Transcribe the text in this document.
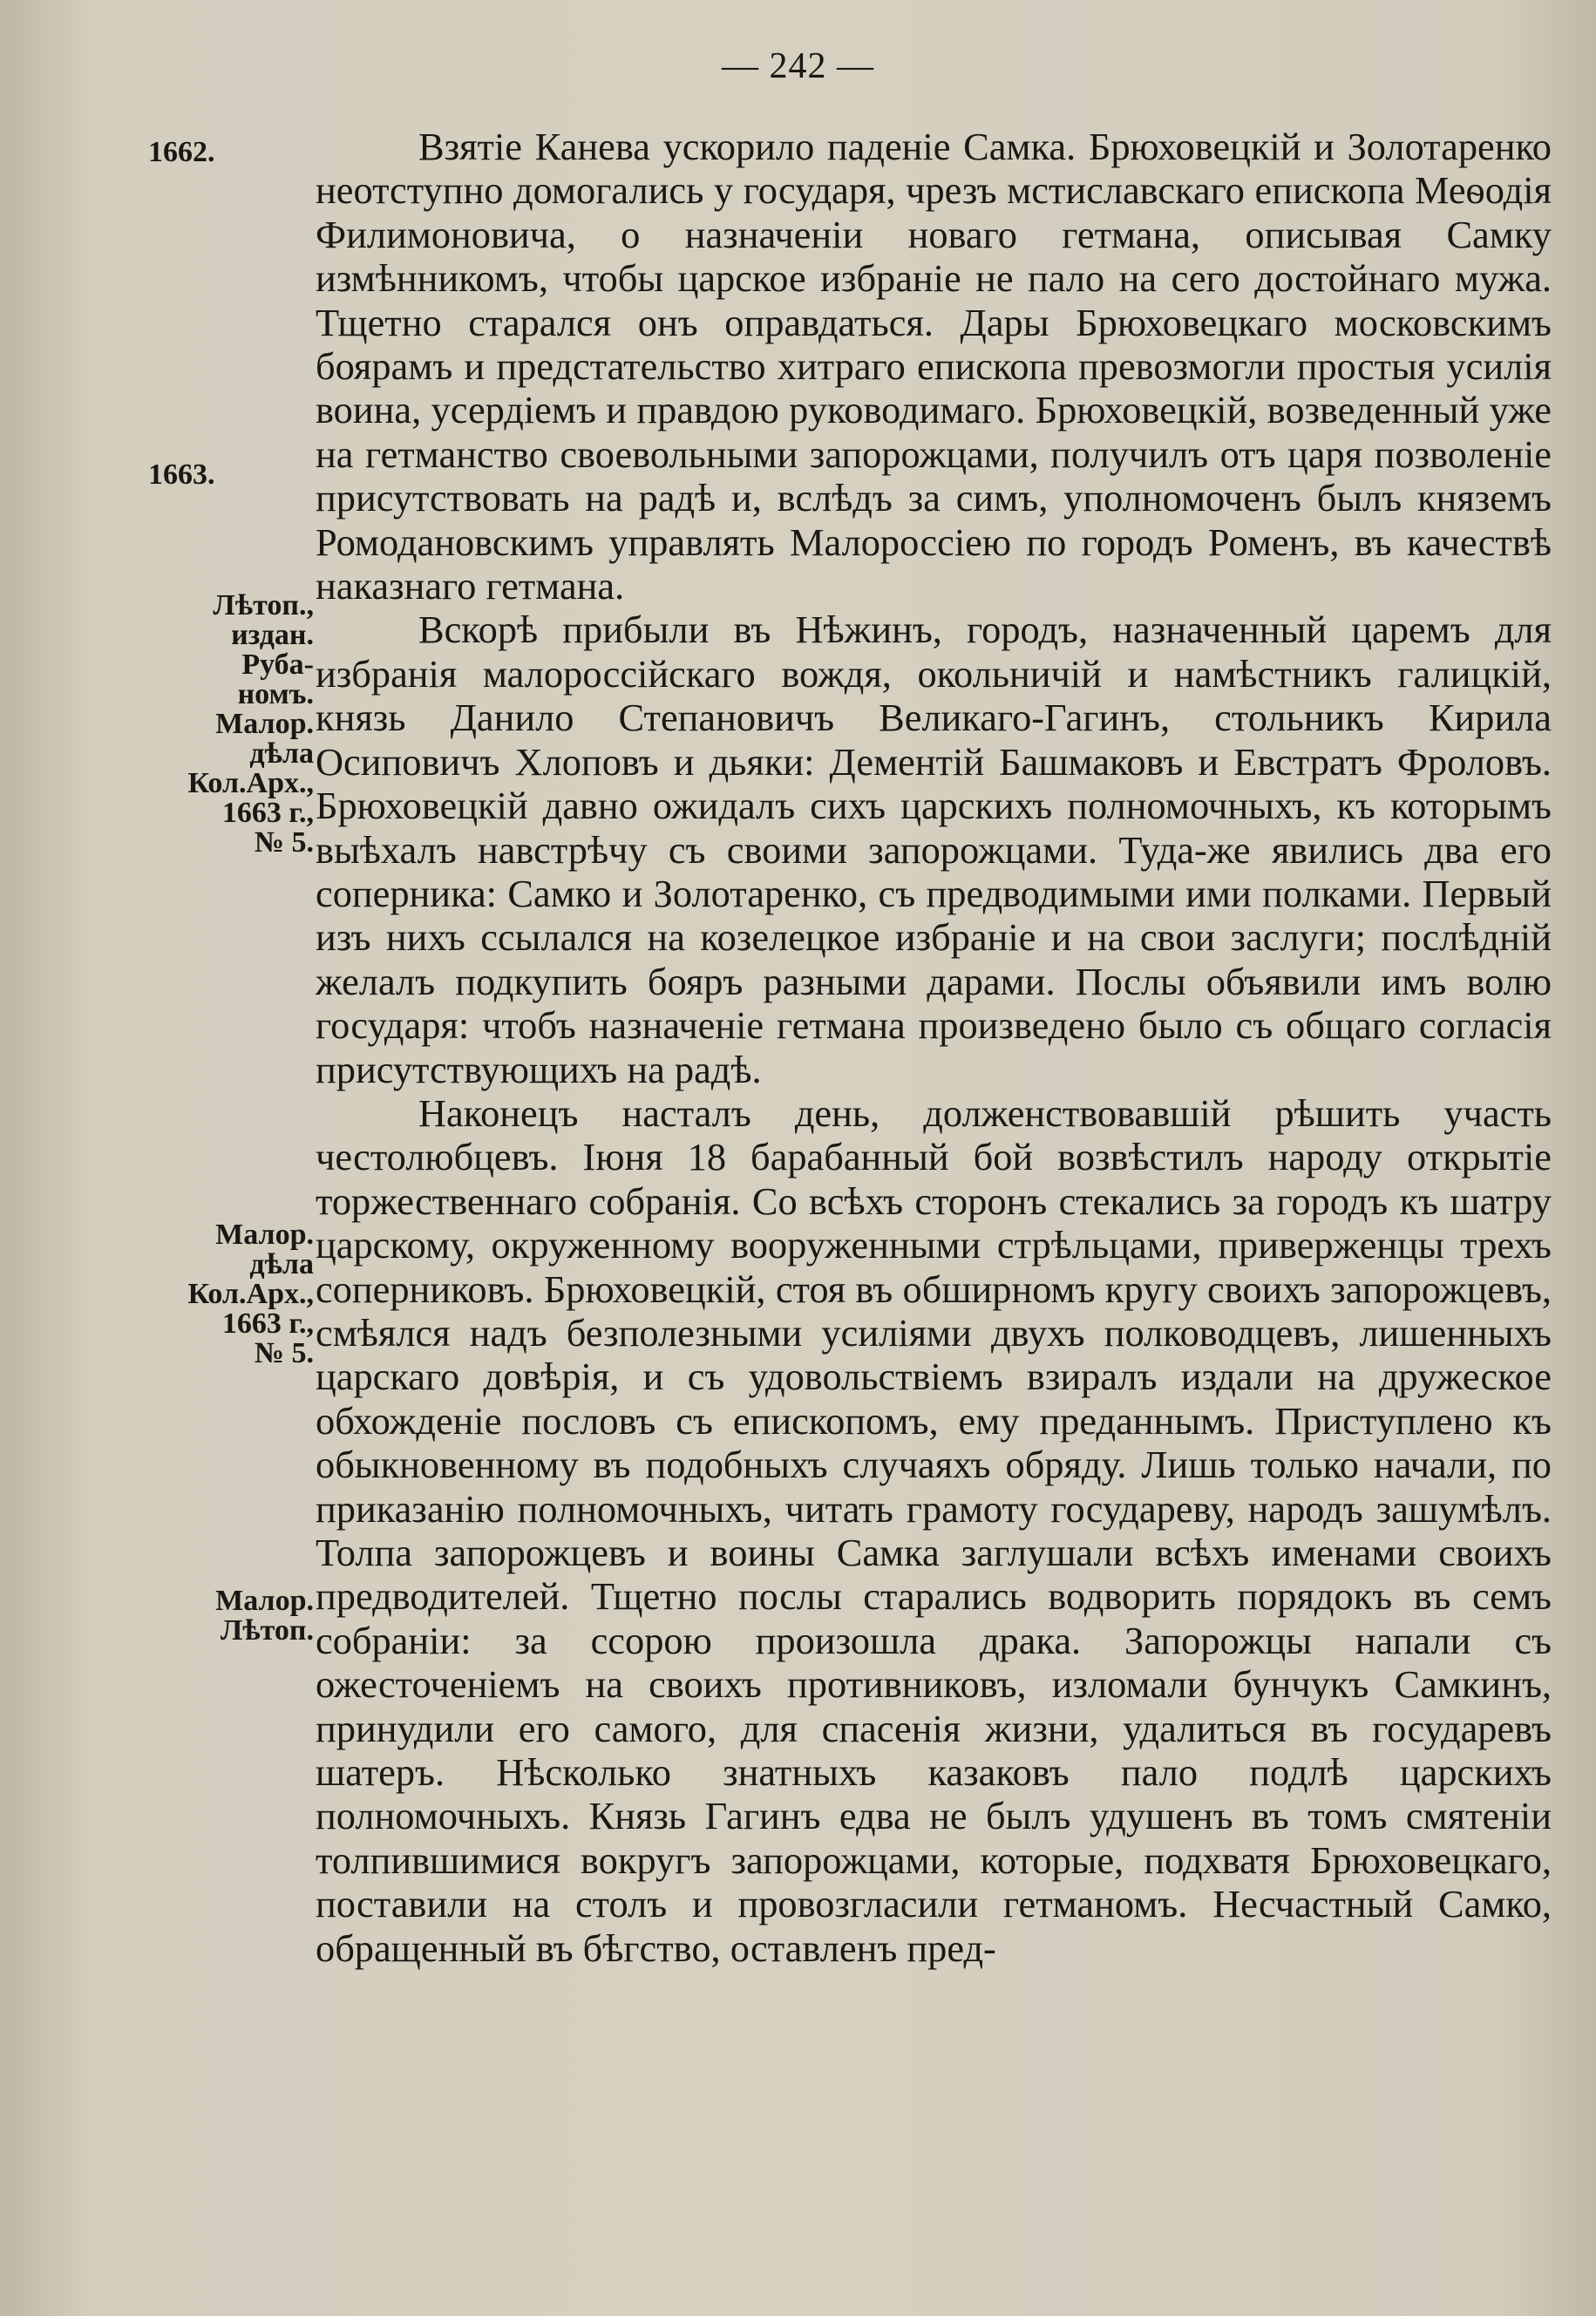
— 242 —
1662.
1663.
Лѣтоп.,
издан.
Руба-
номъ.
Малор.
дѣла
Кол.Арх.,
1663 г.,
№ 5.
Малор.
дѣла
Кол.Арх.,
1663 г.,
№ 5.
Малор.
Лѣтоп.

Взятіе Канева ускорило паденіе Самка. Брюховецкій и Золотаренко неотступно домогались у государя, чрезъ мстиславскаго епископа Меѳодія Филимоновича, о назначеніи новаго гетмана, описывая Самку измѣнникомъ, чтобы царское избраніе не пало на сего достойнаго мужа. Тщетно старался онъ оправдаться. Дары Брюховецкаго московскимъ боярамъ и предстательство хитраго епископа превозмогли простыя усилія воина, усердіемъ и правдою руководимаго. Брюховецкій, возведенный уже на гетманство своевольными запорожцами, получилъ отъ царя позволеніе присутствовать на радѣ и, вслѣдъ за симъ, уполномоченъ былъ княземъ Ромодановскимъ управлять Малороссіею по городъ Роменъ, въ качествѣ наказнаго гетмана.

Вскорѣ прибыли въ Нѣжинъ, городъ, назначенный царемъ для избранія малороссійскаго вождя, окольничій и намѣстникъ галицкій, князь Данило Степановичъ Великаго-Гагинъ, стольникъ Кирила Осиповичъ Хлоповъ и дьяки: Дементій Башмаковъ и Евстратъ Фроловъ. Брюховецкій давно ожидалъ сихъ царскихъ полномочныхъ, къ которымъ выѣхалъ навстрѣчу съ своими запорожцами. Туда-же явились два его соперника: Самко и Золотаренко, съ предводимыми ими полками. Первый изъ нихъ ссылался на козелецкое избраніе и на свои заслуги; послѣдній желалъ подкупить бояръ разными дарами. Послы объявили имъ волю государя: чтобъ назначеніе гетмана произведено было съ общаго согласія присутствующихъ на радѣ.

Наконецъ насталъ день, долженствовавшій рѣшить участь честолюбцевъ. Іюня 18 барабанный бой возвѣстилъ народу открытіе торжественнаго собранія. Со всѣхъ сторонъ стекались за городъ къ шатру царскому, окруженному вооруженными стрѣльцами, приверженцы трехъ соперниковъ. Брюховецкій, стоя въ обширномъ кругу своихъ запорожцевъ, смѣялся надъ безполезными усиліями двухъ полководцевъ, лишенныхъ царскаго довѣрія, и съ удовольствіемъ взиралъ издали на дружеское обхожденіе пословъ съ епископомъ, ему преданнымъ. Приступлено къ обыкновенному въ подобныхъ случаяхъ обряду. Лишь только начали, по приказанію полномочныхъ, читать грамоту государеву, народъ зашумѣлъ. Толпа запорожцевъ и воины Самка заглушали всѣхъ именами своихъ предводителей. Тщетно послы старались водворить порядокъ въ семъ собраніи: за ссорою произошла драка. Запорожцы напали съ ожесточеніемъ на своихъ противниковъ, изломали бунчукъ Самкинъ, принудили его самого, для спасенія жизни, удалиться въ государевъ шатеръ. Нѣсколько знатныхъ казаковъ пало подлѣ царскихъ полномочныхъ. Князь Гагинъ едва не былъ удушенъ въ томъ смятеніи толпившимися вокругъ запорожцами, которые, подхватя Брюховецкаго, поставили на столъ и провозгласили гетманомъ. Несчастный Самко, обращенный въ бѣгство, оставленъ пред-
